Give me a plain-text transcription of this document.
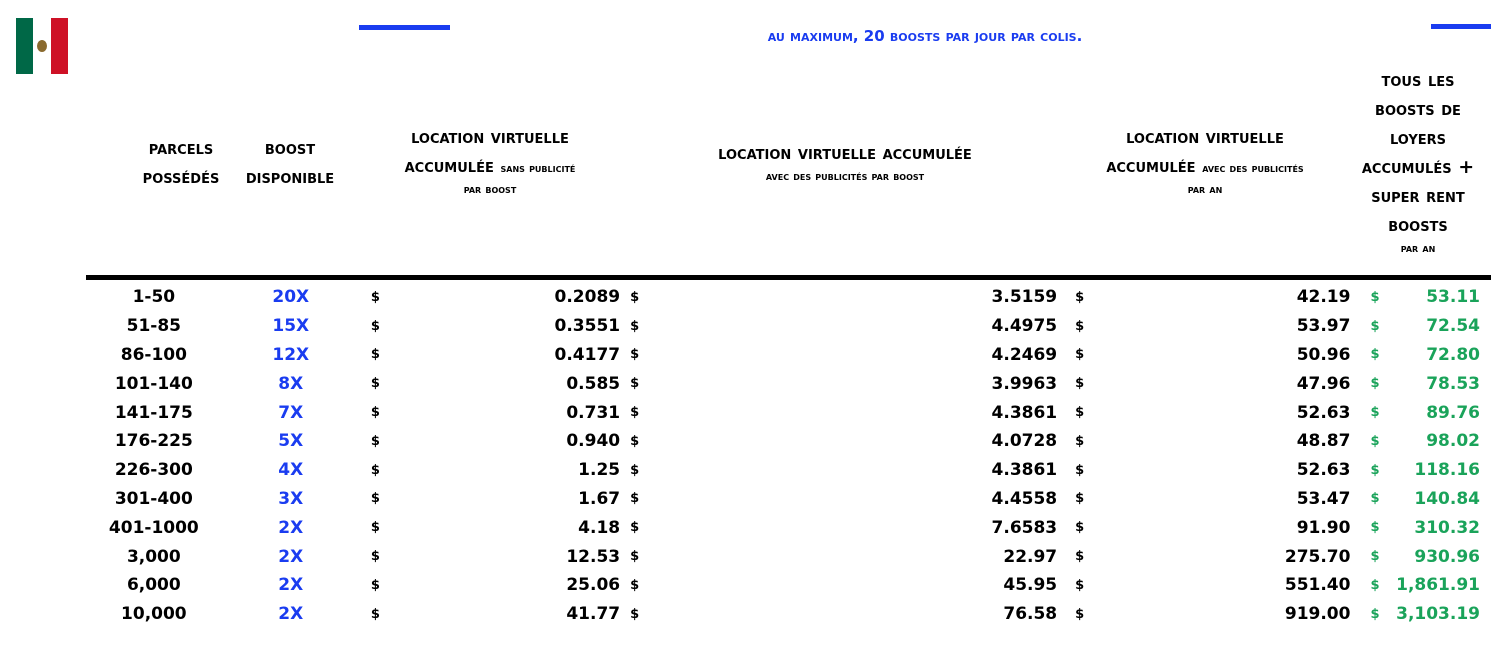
au maximum, 20 boosts par jour par colis.
parcels
possédés
boost
disponible
location virtuelle
accumulée sans publicité
par boost
location virtuelle accumulée
avec des publicités par boost
location virtuelle
accumulée avec des publicités
par an
tous les
boosts de
loyers
accumulés +
super rent
boosts
par an
1-50	20X	$	0.2089	$	3.5159	$	42.19	$	53.11
51-85	15X	$	0.3551	$	4.4975	$	53.97	$	72.54
86-100	12X	$	0.4177	$	4.2469	$	50.96	$	72.80
101-140	8X	$	0.585	$	3.9963	$	47.96	$	78.53
141-175	7X	$	0.731	$	4.3861	$	52.63	$	89.76
176-225	5X	$	0.940	$	4.0728	$	48.87	$	98.02
226-300	4X	$	1.25	$	4.3861	$	52.63	$	118.16
301-400	3X	$	1.67	$	4.4558	$	53.47	$	140.84
401-1000	2X	$	4.18	$	7.6583	$	91.90	$	310.32
3,000	2X	$	12.53	$	22.97	$	275.70	$	930.96
6,000	2X	$	25.06	$	45.95	$	551.40	$	1,861.91
10,000	2X	$	41.77	$	76.58	$	919.00	$	3,103.19
